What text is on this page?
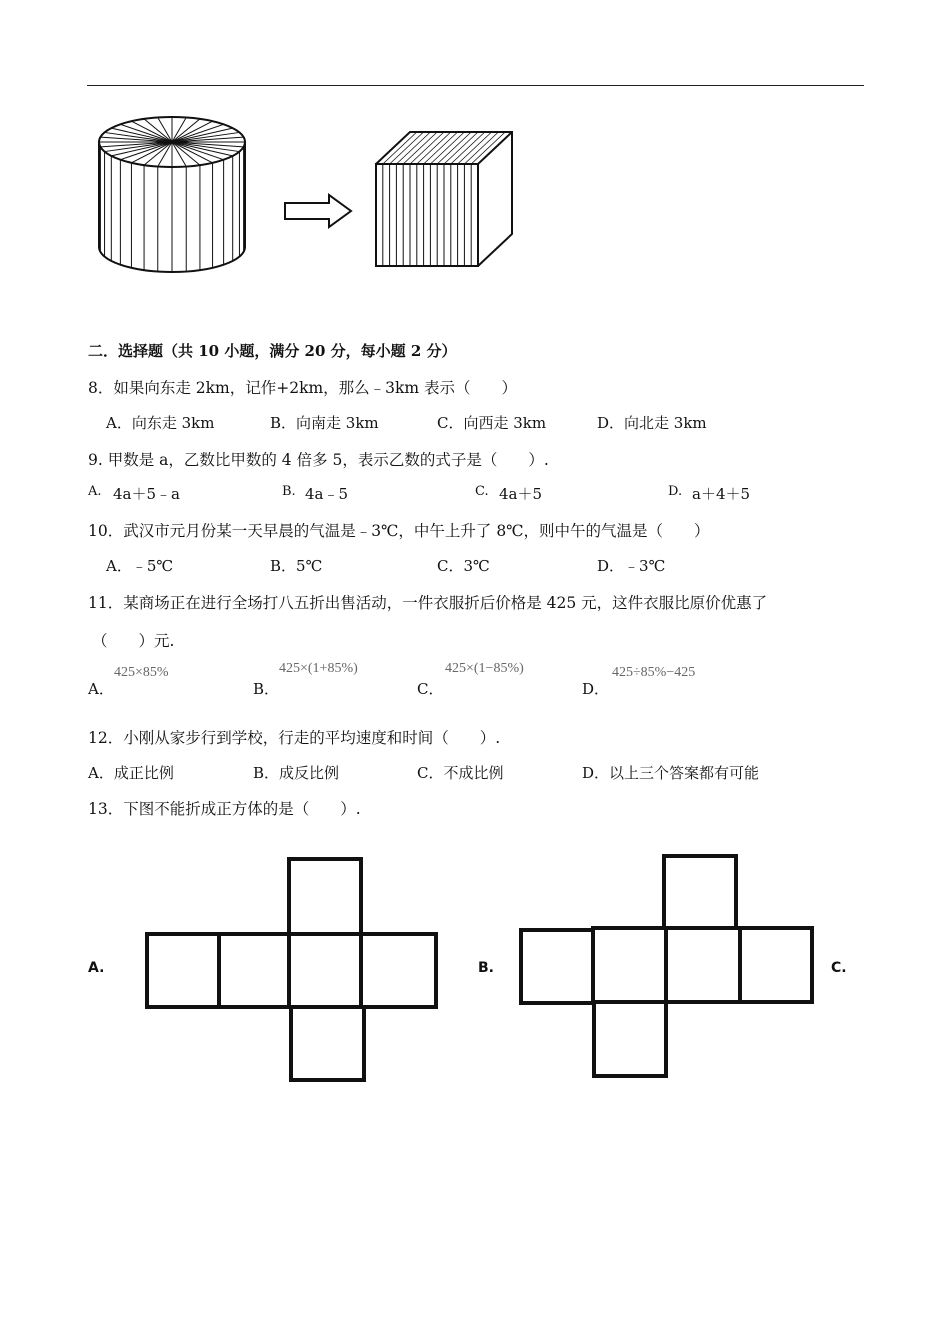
二．选择题（共 10 小题，满分 20 分，每小题 2 分）
8．如果向东走 2km，记作+2km，那么﹣3km 表示（　　）
A．向东走 3km	B．向南走 3km	C．向西走 3km	D．向北走 3km
9. 甲数是 a，乙数比甲数的 4 倍多 5，表示乙数的式子是（　　）.
A. 4a＋5﹣a	B. 4a﹣5	C. 4a＋5	D. a＋4＋5
10．武汉市元月份某一天早晨的气温是﹣3℃，中午上升了 8℃，则中午的气温是（　　）
A．﹣5℃	B．5℃	C．3℃	D．﹣3℃
11．某商场正在进行全场打八五折出售活动，一件衣服折后价格是 425 元，这件衣服比原价优惠了
（　　）元.
A．
425×85%
B．
425×(1+85%)
C．
425×(1−85%)
D．
425÷85%−425
12．小刚从家步行到学校，行走的平均速度和时间（　　）.
A．成正比例	B．成反比例	C．不成比例	D．以上三个答案都有可能
13．下图不能折成正方体的是（　　）.
A.	B.	C.
